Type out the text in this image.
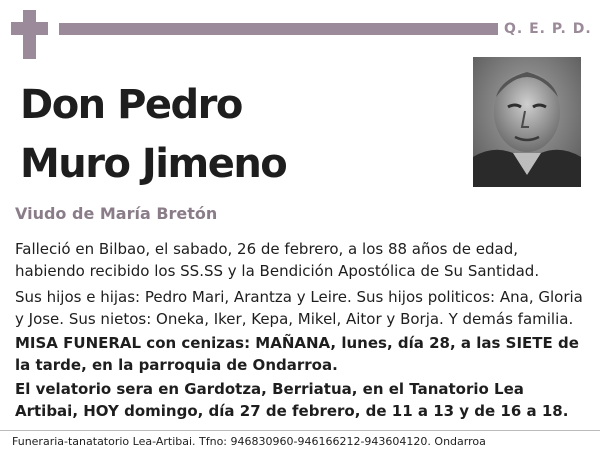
Q. E. P. D.
Don Pedro
Muro Jimeno
Viudo de María Bretón
Falleció en Bilbao, el sabado, 26 de febrero, a los 88 años de edad, habiendo recibido los SS.SS y la Bendición Apostólica de Su Santidad.
Sus hijos e hijas: Pedro Mari, Arantza y Leire. Sus hijos politicos: Ana, Gloria y Jose. Sus nietos: Oneka, Iker, Kepa, Mikel, Aitor y Borja. Y demás familia.
MISA FUNERAL con cenizas: MAÑANA, lunes, día 28, a las SIETE de la tarde, en la parroquia de Ondarroa.
El velatorio sera en Gardotza, Berriatua, en el Tanatorio Lea Artibai, HOY domingo, día 27 de febrero, de 11 a 13 y de 16 a 18.
Funeraria-tanatatorio Lea-Artibai. Tfno: 946830960-946166212-943604120. Ondarroa
